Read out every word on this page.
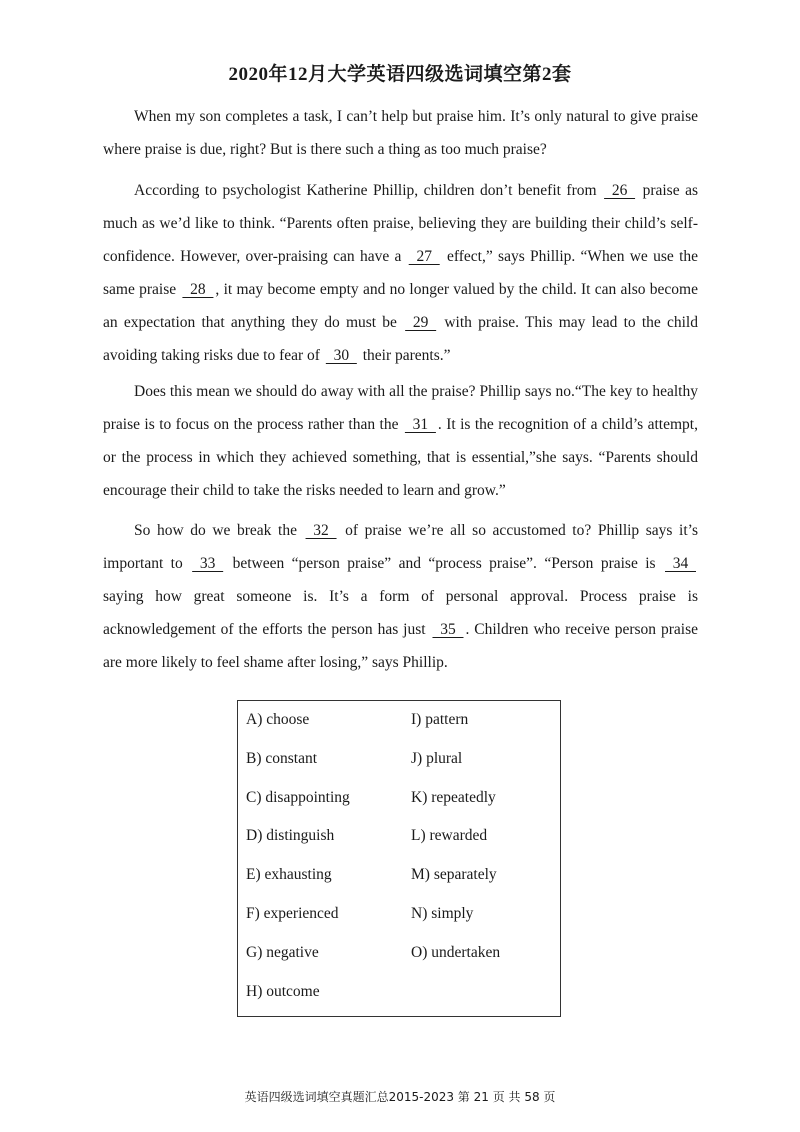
2020年12月大学英语四级选词填空第2套

When my son completes a task, I can’t help but praise him. It’s only natural to give praise where praise is due, right? But is there such a thing as too much praise?

According to psychologist Katherine Phillip, children don’t benefit from   26   praise as much as we’d like to think. “Parents often praise, believing they are building their child’s self-confidence. However, over-praising can have a   27   effect,” says Phillip. “When we use the same praise   28  , it may become empty and no longer valued by the child. It can also become an expectation that anything they do must be   29   with praise. This may lead to the child avoiding taking risks due to fear of   30   their parents.”

Does this mean we should do away with all the praise? Phillip says no.“The key to healthy praise is to focus on the process rather than the   31  . It is the recognition of a child’s attempt, or the process in which they achieved something, that is essential,”she says. “Parents should encourage their child to take the risks needed to learn and grow.”

So how do we break the   32   of praise we’re all so accustomed to? Phillip says it’s important to   33   between “person praise” and “process praise”. “Person praise is   34   saying how great someone is. It’s a form of personal approval. Process praise is acknowledgement of the efforts the person has just   35  . Children who receive person praise are more likely to feel shame after losing,” says Phillip.

A) choose
B) constant
C) disappointing
D) distinguish
E) exhausting
F) experienced
G) negative
H) outcome
I) pattern
J) plural
K) repeatedly
L) rewarded
M) separately
N) simply
O) undertaken
英语四级选词填空真题汇总2015-2023 第 21 页 共 58 页
